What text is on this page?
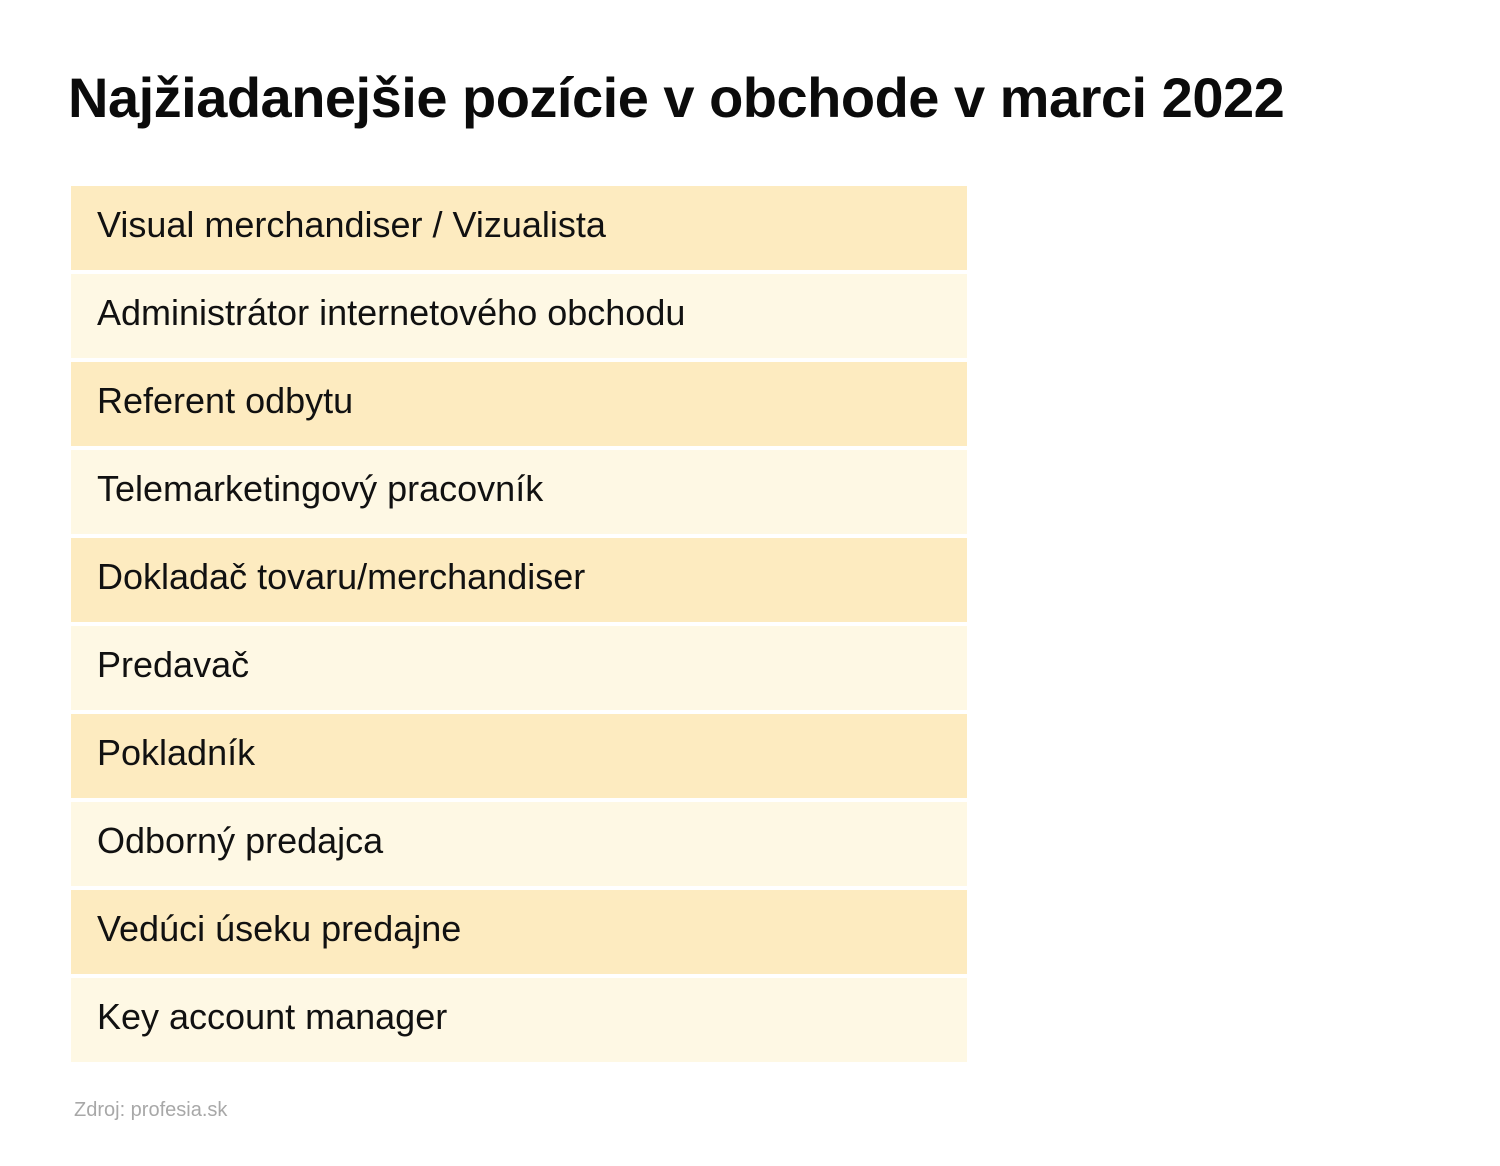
Najžiadanejšie pozície v obchode v marci 2022
Visual merchandiser / Vizualista
Administrátor internetového obchodu
Referent odbytu
Telemarketingový pracovník
Dokladač tovaru/merchandiser
Predavač
Pokladník
Odborný predajca
Vedúci úseku predajne
Key account manager
Zdroj: profesia.sk
